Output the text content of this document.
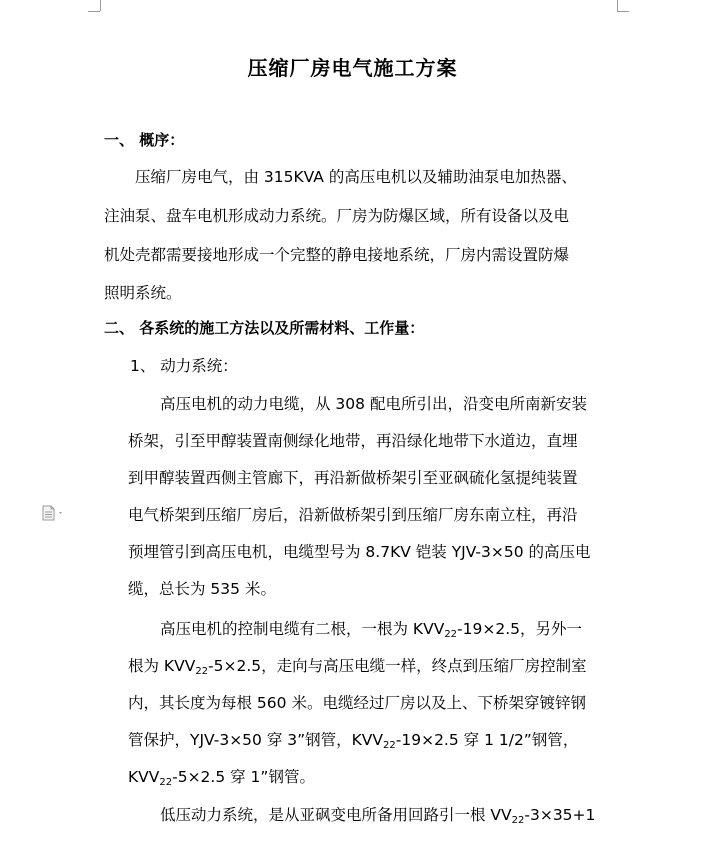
压缩厂房电气施工方案
一、 概序：
压缩厂房电气，由 315KVA 的高压电机以及辅助油泵电加热器、
注油泵、盘车电机形成动力系统。厂房为防爆区域，所有设备以及电
机处壳都需要接地形成一个完整的静电接地系统，厂房内需设置防爆
照明系统。
二、 各系统的施工方法以及所需材料、工作量：
1、 动力系统：
高压电机的动力电缆，从 308 配电所引出，沿变电所南新安装
桥架，引至甲醇装置南侧绿化地带，再沿绿化地带下水道边，直埋
到甲醇装置西侧主管廊下，再沿新做桥架引至亚砜硫化氢提纯装置
电气桥架到压缩厂房后，沿新做桥架引到压缩厂房东南立柱，再沿
预埋管引到高压电机，电缆型号为 8.7KV 铠装 YJV-3×50 的高压电
缆，总长为 535 米。
高压电机的控制电缆有二根，一根为 $KVV_{22}-19\times 2.5$，另外一
根为 $KVV_{22}-5\times 2.5$，走向与高压电缆一样，终点到压缩厂房控制室
内，其长度为每根 560 米。电缆经过厂房以及上、下桥架穿镀锌钢
管保护，YJV-3×50 穿 3”钢管，$KVV_{22}-19\times 2.5$ 穿 1 1/2”钢管，
$KVV_{22}-5\times 2.5$ 穿 1”钢管。
低压动力系统，是从亚砜变电所备用回路引一根 $VV_{22}-3\times 35+1$
